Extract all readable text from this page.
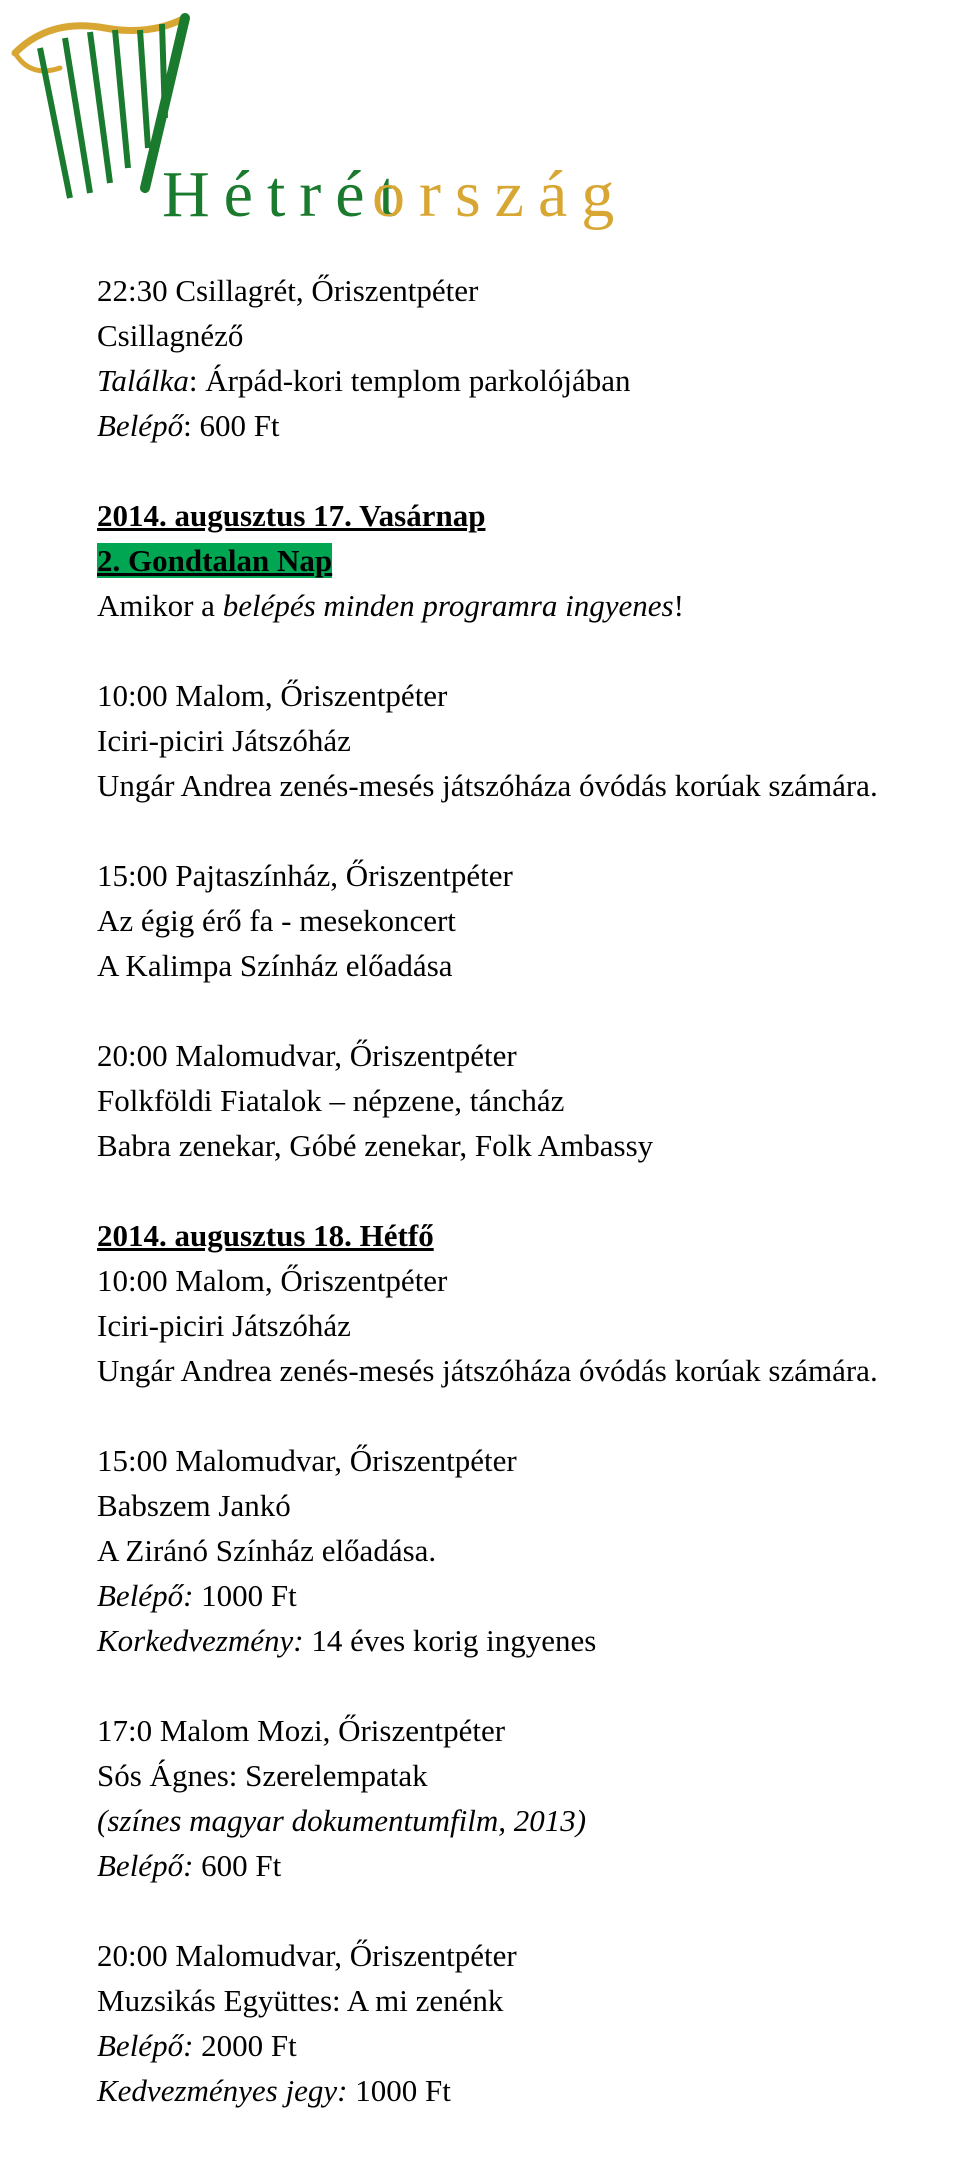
Hétrét
ország
22:30 Csillagrét, Őriszentpéter
Csillagnéző
Találka: Árpád-kori templom parkolójában
Belépő: 600 Ft
2014. augusztus 17. Vasárnap
2. Gondtalan Nap
Amikor a belépés minden programra ingyenes!
10:00 Malom, Őriszentpéter
Iciri-piciri Játszóház
Ungár Andrea zenés-mesés játszóháza óvódás korúak számára.
15:00 Pajtaszínház, Őriszentpéter
Az égig érő fa - mesekoncert
A Kalimpa Színház előadása
20:00 Malomudvar, Őriszentpéter
Folkföldi Fiatalok – népzene, táncház
Babra zenekar, Góbé zenekar, Folk Ambassy
2014. augusztus 18. Hétfő
10:00 Malom, Őriszentpéter
Iciri-piciri Játszóház
Ungár Andrea zenés-mesés játszóháza óvódás korúak számára.
15:00 Malomudvar, Őriszentpéter
Babszem Jankó
A Ziránó Színház előadása.
Belépő: 1000 Ft
Korkedvezmény: 14 éves korig ingyenes
17:0 Malom Mozi, Őriszentpéter
Sós Ágnes: Szerelempatak
(színes magyar dokumentumfilm, 2013)
Belépő: 600 Ft
20:00 Malomudvar, Őriszentpéter
Muzsikás Együttes: A mi zenénk
Belépő: 2000 Ft
Kedvezményes jegy: 1000 Ft
